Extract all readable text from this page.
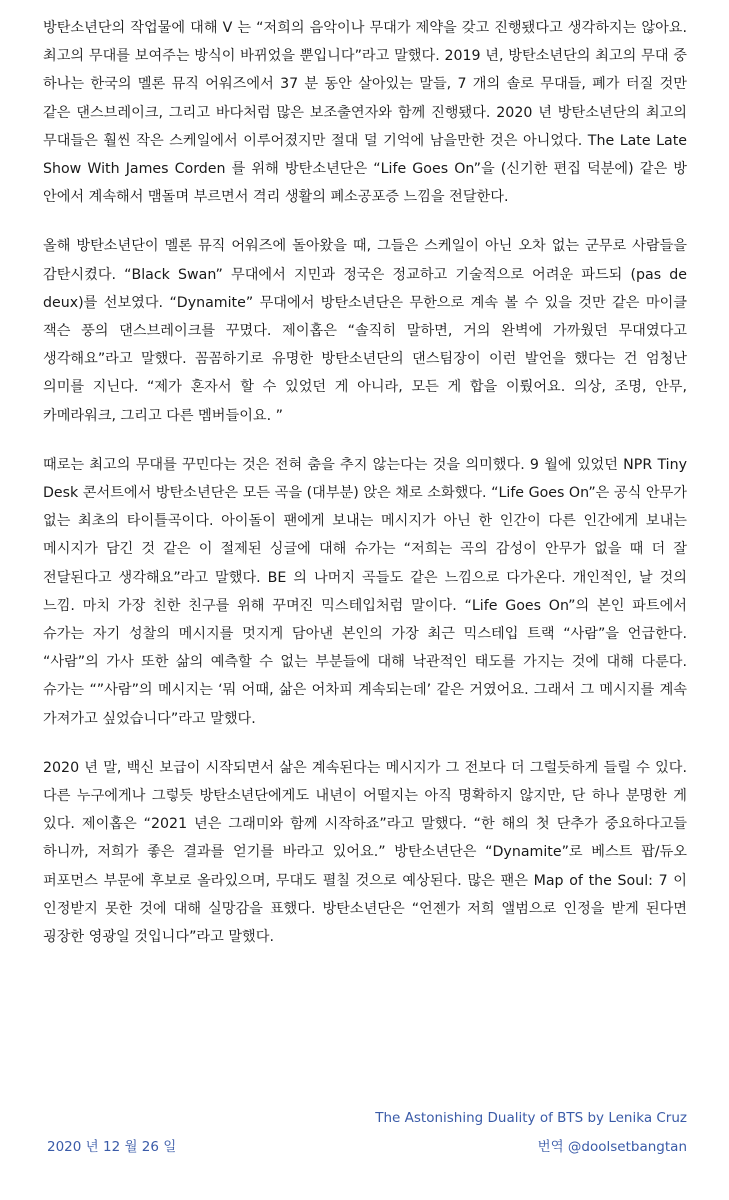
방탄소년단의 작업물에 대해 V 는 “저희의 음악이나 무대가 제약을 갖고 진행됐다고 생각하지는 않아요. 최고의 무대를 보여주는 방식이 바뀌었을 뿐입니다”라고 말했다. 2019 년, 방탄소년단의 최고의 무대 중 하나는 한국의 멜론 뮤직 어워즈에서 37 분 동안 살아있는 말들, 7 개의 솔로 무대들, 폐가 터질 것만 같은 댄스브레이크, 그리고 바다처럼 많은 보조출연자와 함께 진행됐다. 2020 년 방탄소년단의 최고의 무대들은 훨씬 작은 스케일에서 이루어졌지만 절대 덜 기억에 남을만한 것은 아니었다. The Late Late Show With James Corden 를 위해 방탄소년단은 “Life Goes On”을 (신기한 편집 덕분에) 같은 방 안에서 계속해서 맴돌며 부르면서 격리 생활의 폐소공포증 느낌을 전달한다.

올해 방탄소년단이 멜론 뮤직 어워즈에 돌아왔을 때, 그들은 스케일이 아닌 오차 없는 군무로 사람들을 감탄시켰다. “Black Swan” 무대에서 지민과 정국은 정교하고 기술적으로 어려운 파드되 (pas de deux)를 선보였다. “Dynamite” 무대에서 방탄소년단은 무한으로 계속 볼 수 있을 것만 같은 마이클 잭슨 풍의 댄스브레이크를 꾸몄다. 제이홉은 “솔직히 말하면, 거의 완벽에 가까웠던 무대였다고 생각해요”라고 말했다. 꼼꼼하기로 유명한 방탄소년단의 댄스팀장이 이런 발언을 했다는 건 엄청난 의미를 지닌다. “제가 혼자서 할 수 있었던 게 아니라, 모든 게 합을 이뤘어요. 의상, 조명, 안무, 카메라워크, 그리고 다른 멤버들이요. ”

때로는 최고의 무대를 꾸민다는 것은 전혀 춤을 추지 않는다는 것을 의미했다. 9 월에 있었던 NPR Tiny Desk 콘서트에서 방탄소년단은 모든 곡을 (대부분) 앉은 채로 소화했다. “Life Goes On”은 공식 안무가 없는 최초의 타이틀곡이다. 아이돌이 팬에게 보내는 메시지가 아닌 한 인간이 다른 인간에게 보내는 메시지가 담긴 것 같은 이 절제된 싱글에 대해 슈가는 “저희는 곡의 감성이 안무가 없을 때 더 잘 전달된다고 생각해요”라고 말했다. BE 의 나머지 곡들도 같은 느낌으로 다가온다. 개인적인, 날 것의 느낌. 마치 가장 친한 친구를 위해 꾸며진 믹스테입처럼 말이다. “Life Goes On”의 본인 파트에서 슈가는 자기 성찰의 메시지를 멋지게 담아낸 본인의 가장 최근 믹스테입 트랙 “사람”을 언급한다. “사람”의 가사 또한 삶의 예측할 수 없는 부분들에 대해 낙관적인 태도를 가지는 것에 대해 다룬다. 슈가는 “”사람”의 메시지는 ‘뭐 어때, 삶은 어차피 계속되는데’ 같은 거였어요. 그래서 그 메시지를 계속 가져가고 싶었습니다”라고 말했다.

2020 년 말, 백신 보급이 시작되면서 삶은 계속된다는 메시지가 그 전보다 더 그럴듯하게 들릴 수 있다. 다른 누구에게나 그렇듯 방탄소년단에게도 내년이 어떨지는 아직 명확하지 않지만, 단 하나 분명한 게 있다. 제이홉은 “2021 년은 그래미와 함께 시작하죠”라고 말했다. “한 해의 첫 단추가 중요하다고들 하니까, 저희가 좋은 결과를 얻기를 바라고 있어요.” 방탄소년단은 “Dynamite”로 베스트 팝/듀오 퍼포먼스 부문에 후보로 올라있으며, 무대도 펼칠 것으로 예상된다. 많은 팬은 Map of the Soul: 7 이 인정받지 못한 것에 대해 실망감을 표했다. 방탄소년단은 “언젠가 저희 앨범으로 인정을 받게 된다면 굉장한 영광일 것입니다”라고 말했다.

The Astonishing Duality of BTS by Lenika Cruz
2020 년 12 월 26 일	번역 @doolsetbangtan
